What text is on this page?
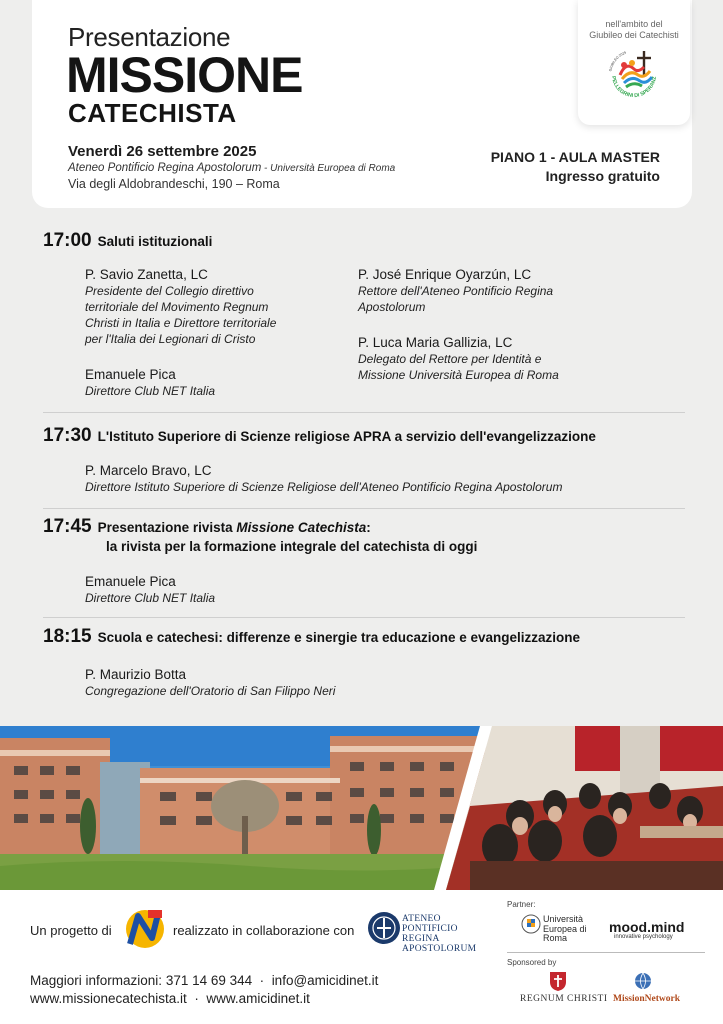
Presentazione
MISSIONE
CATECHISTA
Venerdì 26 settembre 2025
Ateneo Pontificio Regina Apostolorum - Università Europea di Roma
Via degli Aldobrandeschi, 190 – Roma
PIANO 1 - AULA MASTER
Ingresso gratuito
nell'ambito del
Giubileo dei Catechisti
PELLEGRINI DI SPERANZ
GIUBILEO 2025
17:00 Saluti istituzionali
P. Savio Zanetta, LC
Presidente del Collegio direttivo
territoriale del Movimento Regnum
Christi in Italia e Direttore territoriale
per l'Italia dei Legionari di Cristo
Emanuele Pica
Direttore Club NET Italia
P. José Enrique Oyarzún, LC
Rettore dell'Ateneo Pontificio Regina
Apostolorum
P. Luca Maria Gallizia, LC
Delegato del Rettore per Identità e
Missione Università Europea di Roma
17:30 L'Istituto Superiore di Scienze religiose APRA a servizio dell'evangelizzazione
P. Marcelo Bravo, LC
Direttore Istituto Superiore di Scienze Religiose dell'Ateneo Pontificio Regina Apostolorum
17:45 Presentazione rivista Missione Catechista:
la rivista per la formazione integrale del catechista di oggi
Emanuele Pica
Direttore Club NET Italia
18:15 Scuola e catechesi: differenze e sinergie tra educazione e evangelizzazione
P. Maurizio Botta
Congregazione dell'Oratorio di San Filippo Neri
Un progetto di	realizzato in collaborazione con
ATENEO
PONTIFICIO
REGINA
APOSTOLORUM
Maggiori informazioni: 371 14 69 344 · info@amicidinet.it
www.missionecatechista.it · www.amicidinet.it
Partner:
Università
Europea di
Roma
mood.mind
innovative psychology
Sponsored by
REGNUM CHRISTI MissionNetwork
